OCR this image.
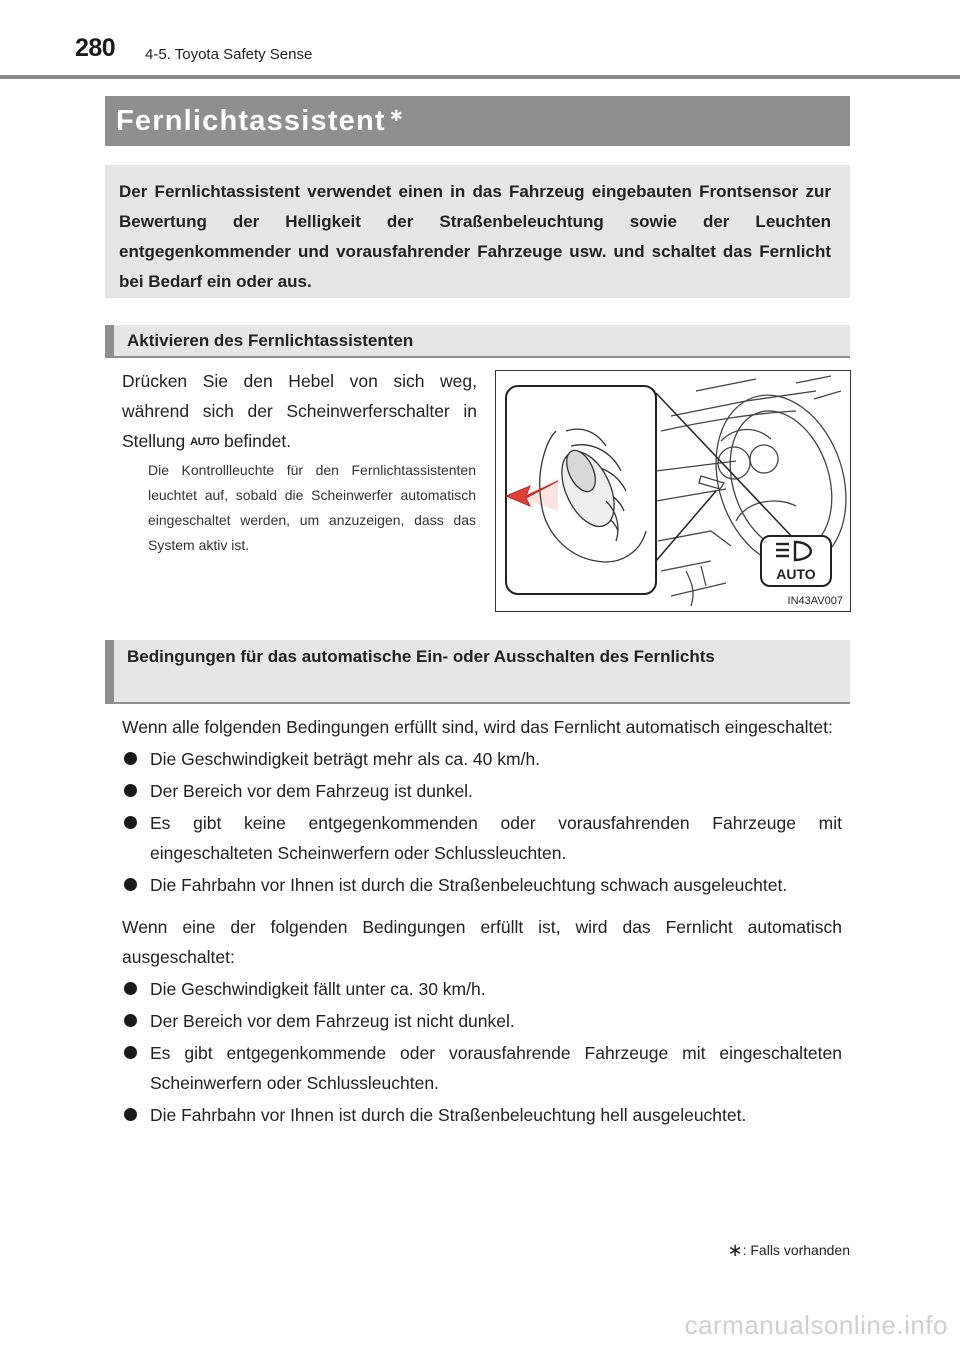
280 4-5. Toyota Safety Sense
Fernlichtassistent ∗
Der Fernlichtassistent verwendet einen in das Fahrzeug eingebauten Frontsensor zur Bewertung der Helligkeit der Straßenbeleuchtung sowie der Leuchten entgegenkommender und vorausfahrender Fahrzeuge usw. und schaltet das Fernlicht bei Bedarf ein oder aus.
Aktivieren des Fernlichtassistenten
Drücken Sie den Hebel von sich weg, während sich der Scheinwerferschalter in Stellung AUTO befindet.
Die Kontrollleuchte für den Fernlichtassistenten leuchtet auf, sobald die Scheinwerfer automatisch eingeschaltet werden, um anzuzeigen, dass das System aktiv ist.
AUTO
IN43AV007
Bedingungen für das automatische Ein- oder Ausschalten des Fernlichts
Wenn alle folgenden Bedingungen erfüllt sind, wird das Fernlicht automatisch eingeschaltet:
Die Geschwindigkeit beträgt mehr als ca. 40 km/h.
Der Bereich vor dem Fahrzeug ist dunkel.
Es gibt keine entgegenkommenden oder vorausfahrenden Fahrzeuge mit eingeschalteten Scheinwerfern oder Schlussleuchten.
Die Fahrbahn vor Ihnen ist durch die Straßenbeleuchtung schwach ausgeleuchtet.
Wenn eine der folgenden Bedingungen erfüllt ist, wird das Fernlicht automatisch ausgeschaltet:
Die Geschwindigkeit fällt unter ca. 30 km/h.
Der Bereich vor dem Fahrzeug ist nicht dunkel.
Es gibt entgegenkommende oder vorausfahrende Fahrzeuge mit eingeschalteten Scheinwerfern oder Schlussleuchten.
Die Fahrbahn vor Ihnen ist durch die Straßenbeleuchtung hell ausgeleuchtet.
∗: Falls vorhanden
carmanualsonline.info
